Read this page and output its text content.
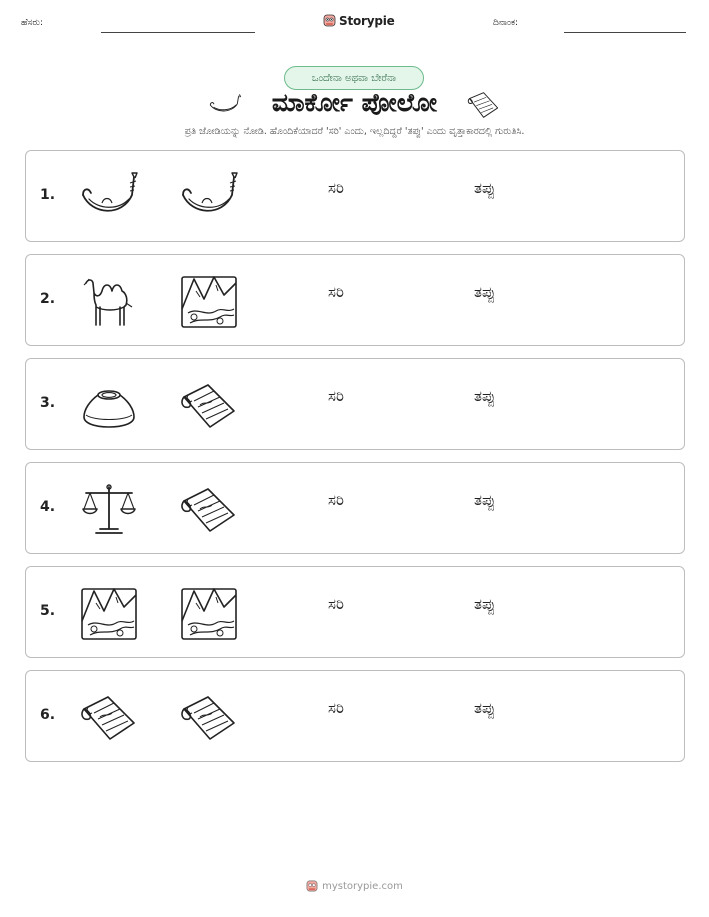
ಹೆಸರು:	Storypie	ದಿನಾಂಕ:
ಒಂದೇನಾ ಅಥವಾ ಬೇರೆನಾ
ಮಾರ್ಕೋ ಪೋಲೋ
ಪ್ರತಿ ಜೋಡಿಯನ್ನು ನೋಡಿ. ಹೊಂದಿಕೆಯಾದರೆ 'ಸರಿ' ಎಂದು, ಇಲ್ಲದಿದ್ದರೆ 'ತಪ್ಪು' ಎಂದು ವೃತ್ತಾಕಾರದಲ್ಲಿ ಗುರುತಿಸಿ.
1.	ಸರಿ	ತಪ್ಪು
2.	ಸರಿ	ತಪ್ಪು
3.	ಸರಿ	ತಪ್ಪು
4.	ಸರಿ	ತಪ್ಪು
5.	ಸರಿ	ತಪ್ಪು
6.	ಸರಿ	ತಪ್ಪು
mystorypie.com
